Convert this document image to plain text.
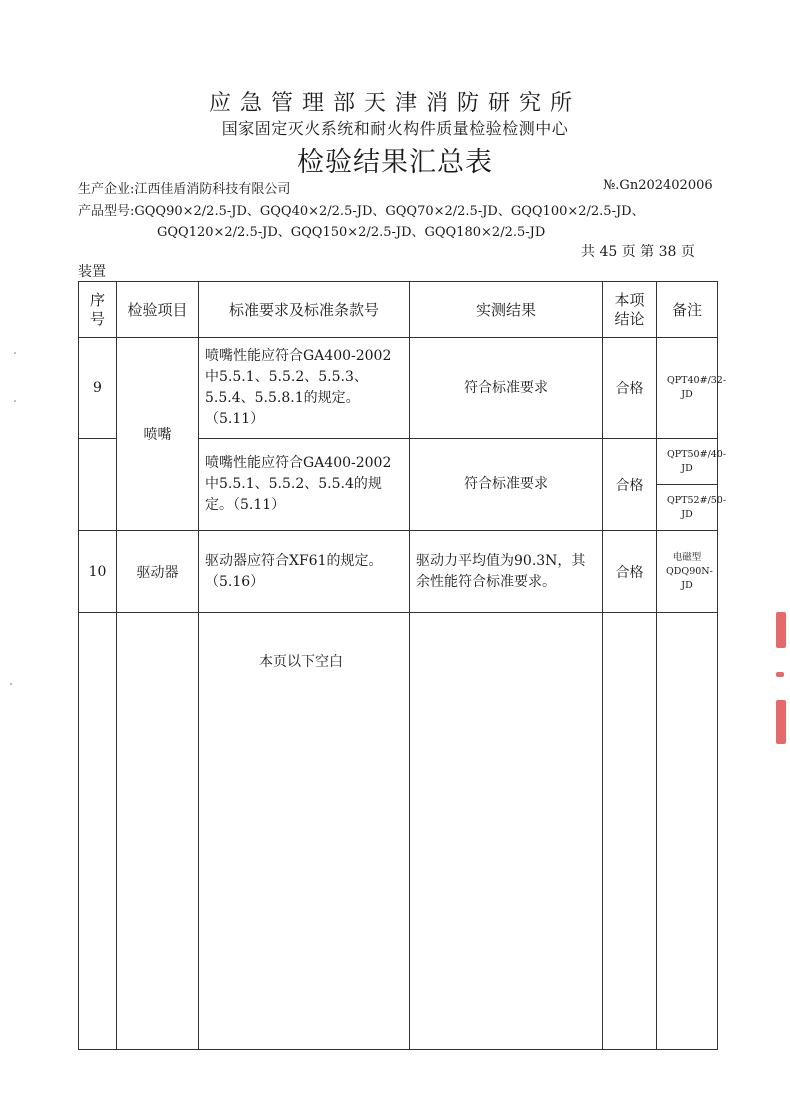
应急管理部天津消防研究所
国家固定灭火系统和耐火构件质量检验检测中心
检验结果汇总表
生产企业:江西佳盾消防科技有限公司	№.Gn202402006
产品型号:GQQ90×2/2.5-JD、GQQ40×2/2.5-JD、GQQ70×2/2.5-JD、GQQ100×2/2.5-JD、
GQQ120×2/2.5-JD、GQQ150×2/2.5-JD、GQQ180×2/2.5-JD
共 45 页 第 38 页
装置
序号	检验项目	标准要求及标准条款号	实测结果	本项结论	备注
9	喷嘴	喷嘴性能应符合GA400-2002中5.5.1、5.5.2、5.5.3、5.5.4、5.5.8.1的规定。（5.11）	符合标准要求	合格	QPT40#/32-JD

		喷嘴性能应符合GA400-2002中5.5.1、5.5.2、5.5.4的规定。（5.11）	符合标准要求	合格	QPT50#/40-JD
					QPT52#/50-JD
10	驱动器	驱动器应符合XF61的规定。（5.16）	驱动力平均值为90.3N，其余性能符合标准要求。	合格	电磁型QDQ90N-JD

		本页以下空白			
